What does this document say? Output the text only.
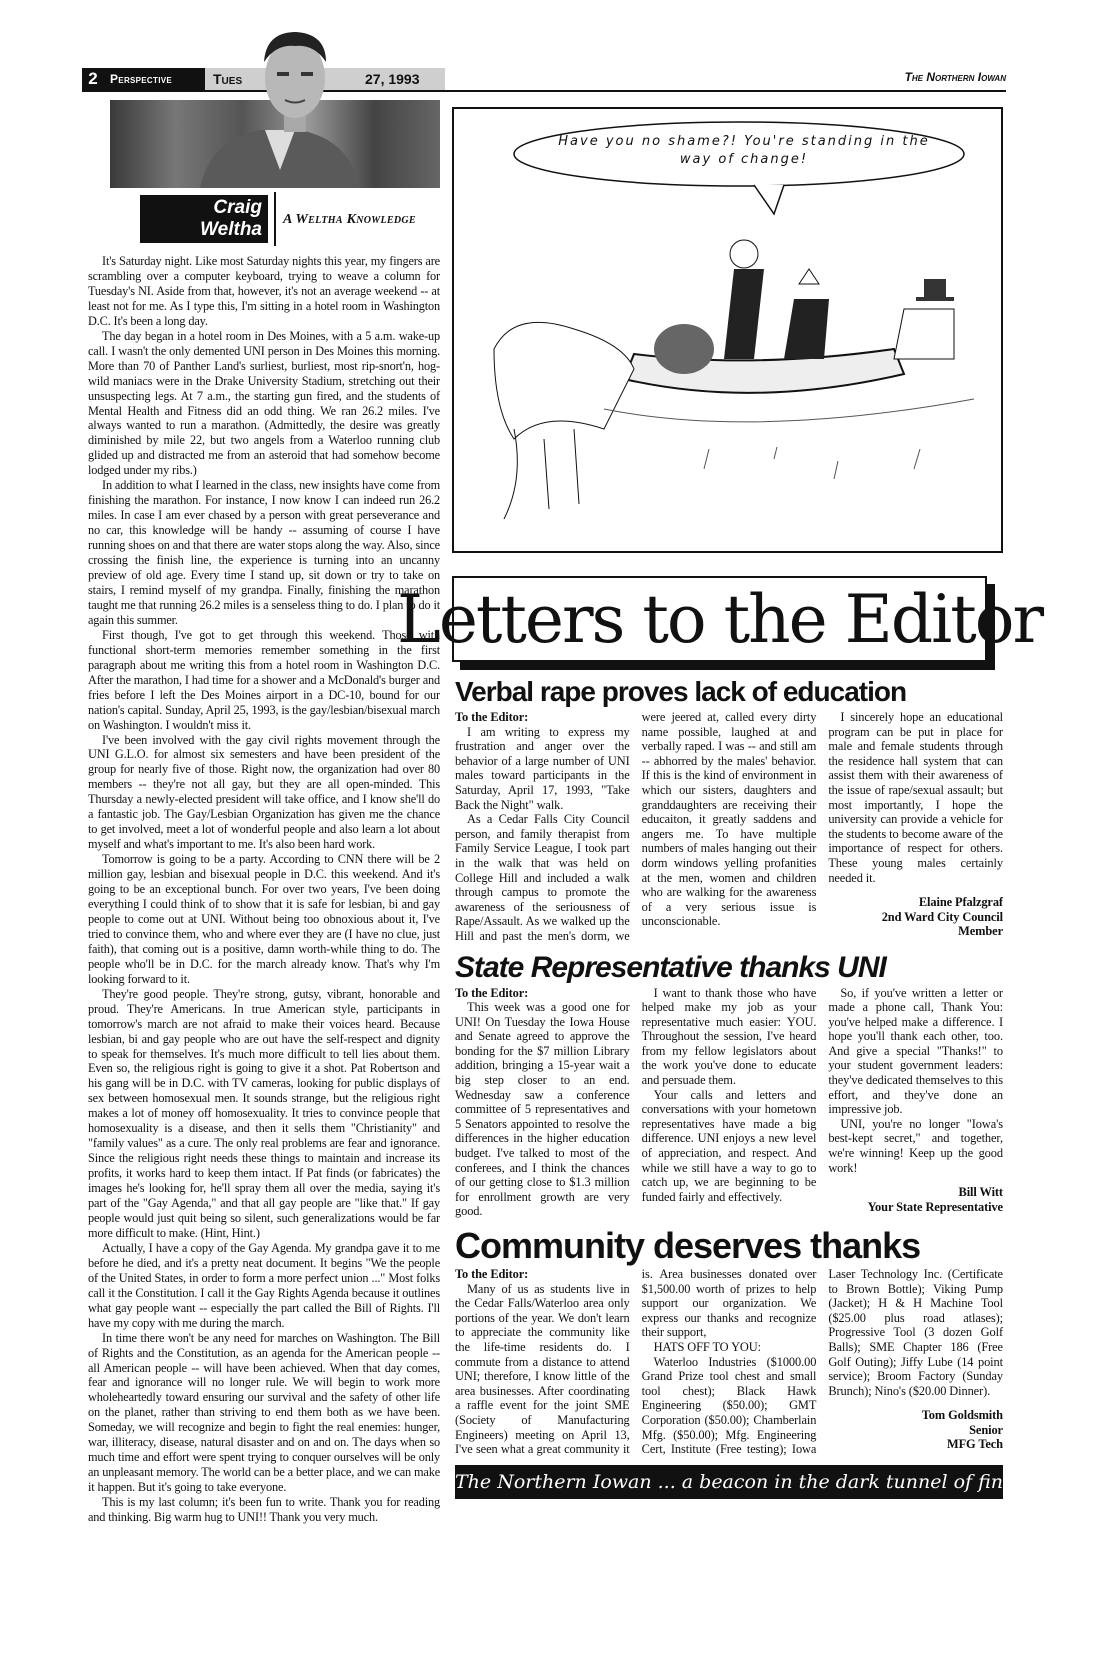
2	Perspective	Tues	27, 1993	The Northern Iowan
Craig
Weltha A Weltha Knowledge

It's Saturday night. Like most Saturday nights this year, my fingers are scrambling over a computer keyboard, trying to weave a column for Tuesday's NI. Aside from that, however, it's not an average weekend -- at least not for me. As I type this, I'm sitting in a hotel room in Washington D.C. It's been a long day.

The day began in a hotel room in Des Moines, with a 5 a.m. wake-up call. I wasn't the only demented UNI person in Des Moines this morning. More than 70 of Panther Land's surliest, burliest, most rip-snort'n, hog-wild maniacs were in the Drake University Stadium, stretching out their unsuspecting legs. At 7 a.m., the starting gun fired, and the students of Mental Health and Fitness did an odd thing. We ran 26.2 miles. I've always wanted to run a marathon. (Admittedly, the desire was greatly diminished by mile 22, but two angels from a Waterloo running club glided up and distracted me from an asteroid that had somehow become lodged under my ribs.)

In addition to what I learned in the class, new insights have come from finishing the marathon. For instance, I now know I can indeed run 26.2 miles. In case I am ever chased by a person with great perseverance and no car, this knowledge will be handy -- assuming of course I have running shoes on and that there are water stops along the way. Also, since crossing the finish line, the experience is turning into an uncanny preview of old age. Every time I stand up, sit down or try to take on stairs, I remind myself of my grandpa. Finally, finishing the marathon taught me that running 26.2 miles is a senseless thing to do. I plan to do it again this summer.

First though, I've got to get through this weekend. Those with functional short-term memories remember something in the first paragraph about me writing this from a hotel room in Washington D.C. After the marathon, I had time for a shower and a McDonald's burger and fries before I left the Des Moines airport in a DC-10, bound for our nation's capital. Sunday, April 25, 1993, is the gay/lesbian/bisexual march on Washington. I wouldn't miss it.

I've been involved with the gay civil rights movement through the UNI G.L.O. for almost six semesters and have been president of the group for nearly five of those. Right now, the organization had over 80 members -- they're not all gay, but they are all open-minded. This Thursday a newly-elected president will take office, and I know she'll do a fantastic job. The Gay/Lesbian Organization has given me the chance to get involved, meet a lot of wonderful people and also learn a lot about myself and what's important to me. It's also been hard work.

Tomorrow is going to be a party. According to CNN there will be 2 million gay, lesbian and bisexual people in D.C. this weekend. And it's going to be an exceptional bunch. For over two years, I've been doing everything I could think of to show that it is safe for lesbian, bi and gay people to come out at UNI. Without being too obnoxious about it, I've tried to convince them, who and where ever they are (I have no clue, just faith), that coming out is a positive, damn worth-while thing to do. The people who'll be in D.C. for the march already know. That's why I'm looking forward to it.

They're good people. They're strong, gutsy, vibrant, honorable and proud. They're Americans. In true American style, participants in tomorrow's march are not afraid to make their voices heard. Because lesbian, bi and gay people who are out have the self-respect and dignity to speak for themselves. It's much more difficult to tell lies about them. Even so, the religious right is going to give it a shot. Pat Robertson and his gang will be in D.C. with TV cameras, looking for public displays of sex between homosexual men. It sounds strange, but the religious right makes a lot of money off homosexuality. It tries to convince people that homosexuality is a disease, and then it sells them "Christianity" and "family values" as a cure. The only real problems are fear and ignorance. Since the religious right needs these things to maintain and increase its profits, it works hard to keep them intact. If Pat finds (or fabricates) the images he's looking for, he'll spray them all over the media, saying it's part of the "Gay Agenda," and that all gay people are "like that." If gay people would just quit being so silent, such generalizations would be far more difficult to make. (Hint, Hint.)

Actually, I have a copy of the Gay Agenda. My grandpa gave it to me before he died, and it's a pretty neat document. It begins "We the people of the United States, in order to form a more perfect union ..." Most folks call it the Constitution. I call it the Gay Rights Agenda because it outlines what gay people want -- especially the part called the Bill of Rights. I'll have my copy with me during the march.

In time there won't be any need for marches on Washington. The Bill of Rights and the Constitution, as an agenda for the American people -- all American people -- will have been achieved. When that day comes, fear and ignorance will no longer rule. We will begin to work more wholeheartedly toward ensuring our survival and the safety of other life on the planet, rather than striving to end them both as we have been. Someday, we will recognize and begin to fight the real enemies: hunger, war, illiteracy, disease, natural disaster and on and on. The days when so much time and effort were spent trying to conquer ourselves will be only an unpleasant memory. The world can be a better place, and we can make it happen. But it's going to take everyone.

This is my last column; it's been fun to write. Thank you for reading and thinking. Big warm hug to UNI!! Thank you very much.

Have you no shame?! You're standing in the way of change!
Letters to the Editor
Verbal rape proves lack of education

To the Editor:

I am writing to express my frustration and anger over the behavior of a large number of UNI males toward participants in the Saturday, April 17, 1993, "Take Back the Night" walk.

As a Cedar Falls City Council person, and family therapist from Family Service League, I took part in the walk that was held on College Hill and included a walk through campus to promote the awareness of the seriousness of Rape/Assault. As we walked up the Hill and past the men's dorm, we were jeered at, called every dirty name possible, laughed at and verbally raped. I was -- and still am -- abhorred by the males' behavior. If this is the kind of environment in which our sisters, daughters and granddaughters are receiving their educaiton, it greatly saddens and angers me. To have multiple numbers of males hanging out their dorm windows yelling profanities at the men, women and children who are walking for the awareness of a very serious issue is unconscionable.

I sincerely hope an educational program can be put in place for male and female students through the residence hall system that can assist them with their awareness of the issue of rape/sexual assault; but most importantly, I hope the university can provide a vehicle for the students to become aware of the importance of respect for others. These young males certainly needed it.

Elaine Pfalzgraf
2nd Ward City Council
Member
State Representative thanks UNI

To the Editor:

This week was a good one for UNI! On Tuesday the Iowa House and Senate agreed to approve the bonding for the $7 million Library addition, bringing a 15-year wait a big step closer to an end. Wednesday saw a conference committee of 5 representatives and 5 Senators appointed to resolve the differences in the higher education budget. I've talked to most of the conferees, and I think the chances of our getting close to $1.3 million for enrollment growth are very good.

I want to thank those who have helped make my job as your representative much easier: YOU. Throughout the session, I've heard from my fellow legislators about the work you've done to educate and persuade them.

Your calls and letters and conversations with your hometown representatives have made a big difference. UNI enjoys a new level of appreciation, and respect. And while we still have a way to go to catch up, we are beginning to be funded fairly and effectively.

So, if you've written a letter or made a phone call, Thank You: you've helped make a difference. I hope you'll thank each other, too. And give a special "Thanks!" to your student government leaders: they've dedicated themselves to this effort, and they've done an impressive job.

UNI, you're no longer "Iowa's best-kept secret," and together, we're winning! Keep up the good work!

Bill Witt
Your State Representative
Community deserves thanks

To the Editor:

Many of us as students live in the Cedar Falls/Waterloo area only portions of the year. We don't learn to appreciate the community like the life-time residents do. I commute from a distance to attend UNI; therefore, I know little of the area businesses. After coordinating a raffle event for the joint SME (Society of Manufacturing Engineers) meeting on April 13, I've seen what a great community it is. Area businesses donated over $1,500.00 worth of prizes to help support our organization. We express our thanks and recognize their support,

HATS OFF TO YOU:

Waterloo Industries ($1000.00 Grand Prize tool chest and small tool chest); Black Hawk Engineering ($50.00); GMT Corporation ($50.00); Chamberlain Mfg. ($50.00); Mfg. Engineering Cert, Institute (Free testing); Iowa Laser Technology Inc. (Certificate to Brown Bottle); Viking Pump (Jacket); H & H Machine Tool ($25.00 plus road atlases); Progressive Tool (3 dozen Golf Balls); SME Chapter 186 (Free Golf Outing); Jiffy Lube (14 point service); Broom Factory (Sunday Brunch); Nino's ($20.00 Dinner).

Tom Goldsmith
Senior
MFG Tech
The Northern Iowan ... a beacon in the dark tunnel of finals.
